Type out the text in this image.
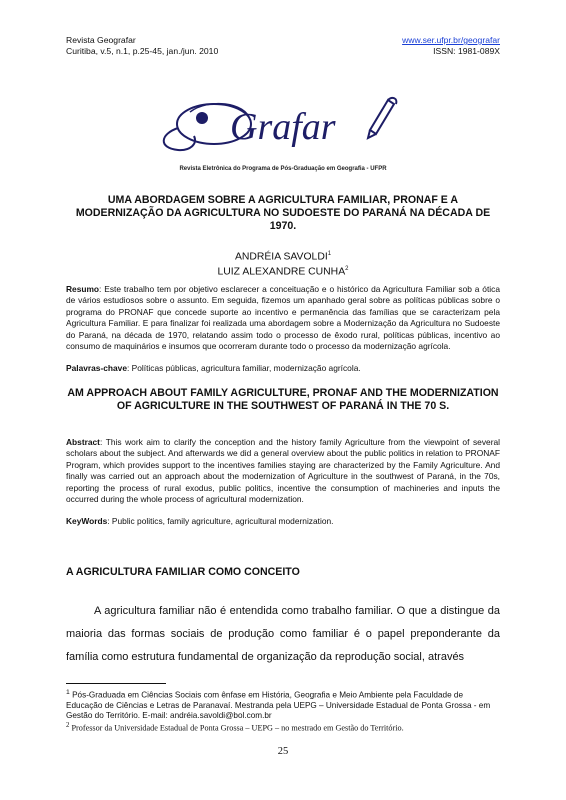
Revista Geografar
Curitiba, v.5, n.1, p.25-45, jan./jun. 2010
www.ser.ufpr.br/geografar
ISSN: 1981-089X
Grafar
Revista Eletrônica do Programa de Pós-Graduação em Geografia - UFPR
UMA ABORDAGEM SOBRE A AGRICULTURA FAMILIAR, PRONAF E A MODERNIZAÇÃO DA AGRICULTURA NO SUDOESTE DO PARANÁ NA DÉCADA DE 1970.
ANDRÉIA SAVOLDI$^1$
LUIZ ALEXANDRE CUNHA$^2$
Resumo: Este trabalho tem por objetivo esclarecer a conceituação e o histórico da Agricultura Familiar sob a ótica de vários estudiosos sobre o assunto. Em seguida, fizemos um apanhado geral sobre as políticas públicas sobre o programa do PRONAF que concede suporte ao incentivo e permanência das famílias que se caracterizam pela Agricultura Familiar. E para finalizar foi realizada uma abordagem sobre a Modernização da Agricultura no Sudoeste do Paraná, na década de 1970, relatando assim todo o processo de êxodo rural, políticas públicas, incentivo ao consumo de maquinários e insumos que ocorreram durante todo o processo da modernização agrícola.
Palavras-chave: Políticas públicas, agricultura familiar, modernização agrícola.
AM APPROACH ABOUT FAMILY AGRICULTURE, PRONAF AND THE MODERNIZATION OF AGRICULTURE IN THE SOUTHWEST OF PARANÁ IN THE 70 S.
Abstract: This work aim to clarify the conception and the history family Agriculture from the viewpoint of several scholars about the subject. And afterwards we did a general overview about the public politics in relation to PRONAF Program, which provides support to the incentives families staying are characterized by the Family Agriculture. And finally was carried out an approach about the modernization of Agriculture in the southwest of Paraná, in the 70s, reporting the process of rural exodus, public politics, incentive the consumption of machineries and inputs the occurred during the whole process of agricultural modernization.
KeyWords: Public politics, family agriculture, agricultural modernization.
A AGRICULTURA FAMILIAR COMO CONCEITO
A agricultura familiar não é entendida como trabalho familiar. O que a distingue da maioria das formas sociais de produção como familiar é o papel preponderante da família como estrutura fundamental de organização da reprodução social, através
$^1$ Pós-Graduada em Ciências Sociais com ênfase em História, Geografia e Meio Ambiente pela Faculdade de Educação de Ciências e Letras de Paranavaí. Mestranda pela UEPG – Universidade Estadual de Ponta Grossa - em Gestão do Território. E-mail: andréia.savoldi@bol.com.br
$^2$ Professor da Universidade Estadual de Ponta Grossa – UEPG – no mestrado em Gestão do Território.
25
